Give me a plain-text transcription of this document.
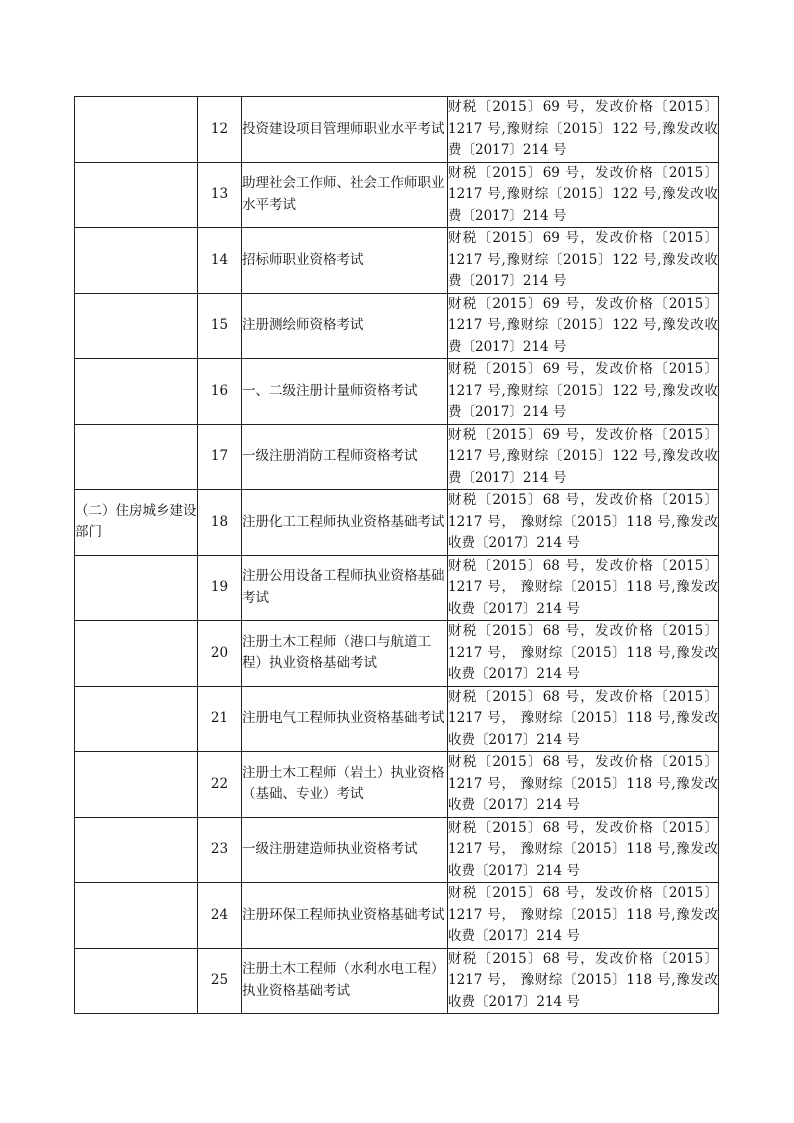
	12	投资建设项目管理师职业水平考试	财税〔2015〕69 号，发改价格〔2015〕1217 号,豫财综〔2015〕122 号,豫发改收费〔2017〕214 号
	13	助理社会工作师、社会工作师职业水平考试	财税〔2015〕69 号，发改价格〔2015〕1217 号,豫财综〔2015〕122 号,豫发改收费〔2017〕214 号
	14	招标师职业资格考试	财税〔2015〕69 号，发改价格〔2015〕1217 号,豫财综〔2015〕122 号,豫发改收费〔2017〕214 号
	15	注册测绘师资格考试	财税〔2015〕69 号，发改价格〔2015〕1217 号,豫财综〔2015〕122 号,豫发改收费〔2017〕214 号
	16	一、二级注册计量师资格考试	财税〔2015〕69 号，发改价格〔2015〕1217 号,豫财综〔2015〕122 号,豫发改收费〔2017〕214 号
	17	一级注册消防工程师资格考试	财税〔2015〕69 号，发改价格〔2015〕1217 号,豫财综〔2015〕122 号,豫发改收费〔2017〕214 号
（二）住房城乡建设部门	18	注册化工工程师执业资格基础考试	财税〔2015〕68 号，发改价格〔2015〕1217 号， 豫财综〔2015〕118 号,豫发改收费〔2017〕214 号
	19	注册公用设备工程师执业资格基础考试	财税〔2015〕68 号，发改价格〔2015〕1217 号， 豫财综〔2015〕118 号,豫发改收费〔2017〕214 号
	20	注册土木工程师（港口与航道工程）执业资格基础考试	财税〔2015〕68 号，发改价格〔2015〕1217 号， 豫财综〔2015〕118 号,豫发改收费〔2017〕214 号
	21	注册电气工程师执业资格基础考试	财税〔2015〕68 号，发改价格〔2015〕1217 号， 豫财综〔2015〕118 号,豫发改收费〔2017〕214 号
	22	注册土木工程师（岩土）执业资格（基础、专业）考试	财税〔2015〕68 号，发改价格〔2015〕1217 号， 豫财综〔2015〕118 号,豫发改收费〔2017〕214 号
	23	一级注册建造师执业资格考试	财税〔2015〕68 号，发改价格〔2015〕1217 号， 豫财综〔2015〕118 号,豫发改收费〔2017〕214 号
	24	注册环保工程师执业资格基础考试	财税〔2015〕68 号，发改价格〔2015〕1217 号， 豫财综〔2015〕118 号,豫发改收费〔2017〕214 号
	25	注册土木工程师（水利水电工程）执业资格基础考试	财税〔2015〕68 号，发改价格〔2015〕1217 号， 豫财综〔2015〕118 号,豫发改收费〔2017〕214 号
